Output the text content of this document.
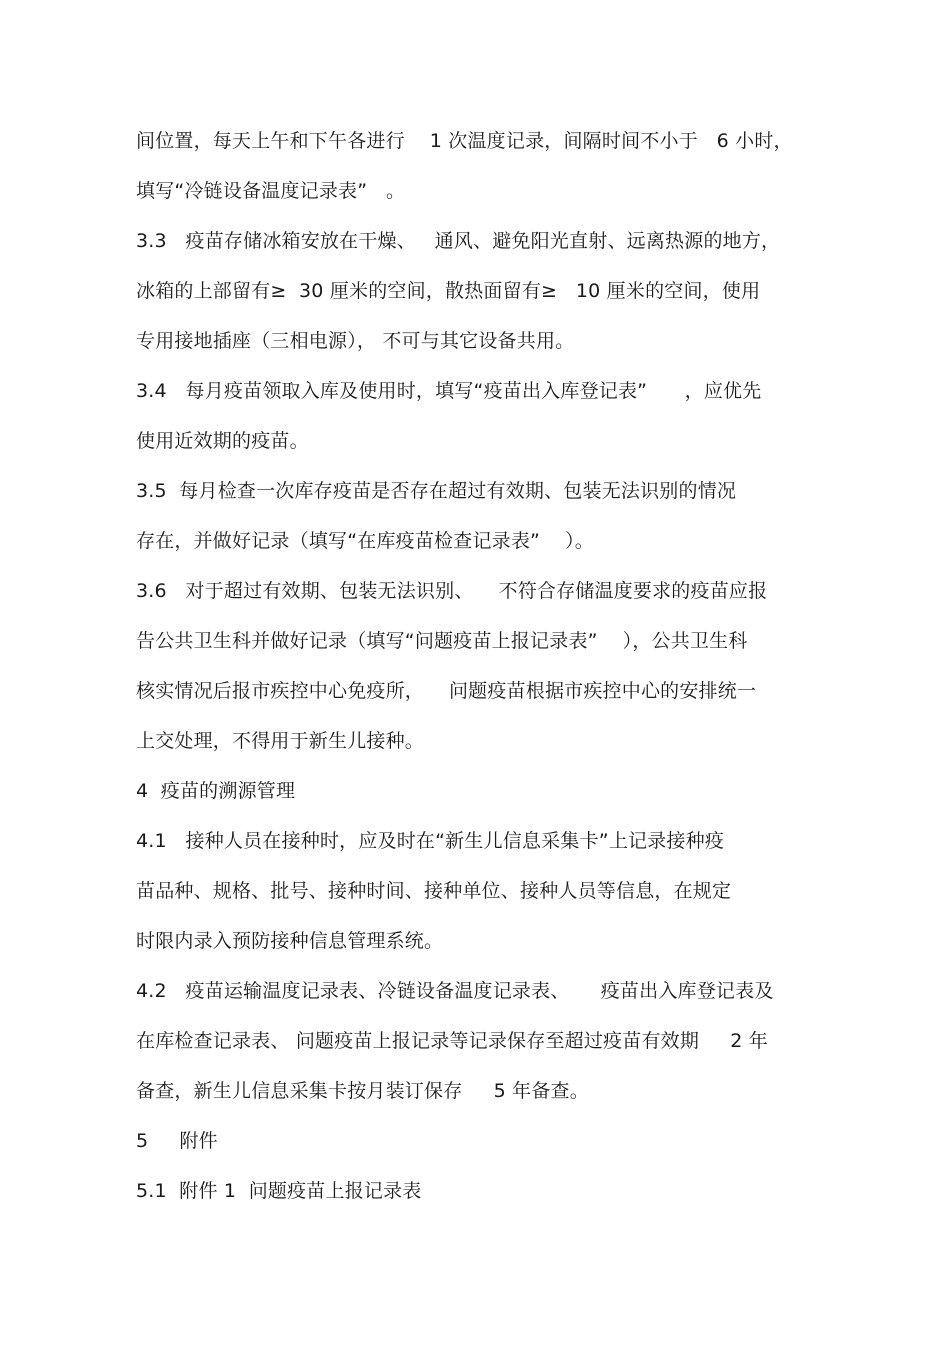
间位置，每天上午和下午各进行    1 次温度记录，间隔时间不小于   6 小时，
填写“冷链设备温度记录表”   。
3.3   疫苗存储冰箱安放在干燥、   通风、避免阳光直射、远离热源的地方，
冰箱的上部留有≥  30 厘米的空间，散热面留有≥   10 厘米的空间，使用
专用接地插座（三相电源）， 不可与其它设备共用。
3.4   每月疫苗领取入库及使用时，填写“疫苗出入库登记表”      ，应优先
使用近效期的疫苗。
3.5  每月检查一次库存疫苗是否存在超过有效期、包装无法识别的情况
存在，并做好记录（填写“在库疫苗检查记录表”    ）。
3.6   对于超过有效期、包装无法识别、    不符合存储温度要求的疫苗应报
告公共卫生科并做好记录（填写“问题疫苗上报记录表”    ），公共卫生科
核实情况后报市疾控中心免疫所，    问题疫苗根据市疾控中心的安排统一
上交处理，不得用于新生儿接种。
4  疫苗的溯源管理
4.1   接种人员在接种时，应及时在“新生儿信息采集卡”上记录接种疫
苗品种、规格、批号、接种时间、接种单位、接种人员等信息，在规定
时限内录入预防接种信息管理系统。
4.2   疫苗运输温度记录表、冷链设备温度记录表、     疫苗出入库登记表及
在库检查记录表、 问题疫苗上报记录等记录保存至超过疫苗有效期     2 年
备查，新生儿信息采集卡按月装订保存     5 年备查。
5     附件
5.1  附件 1  问题疫苗上报记录表
